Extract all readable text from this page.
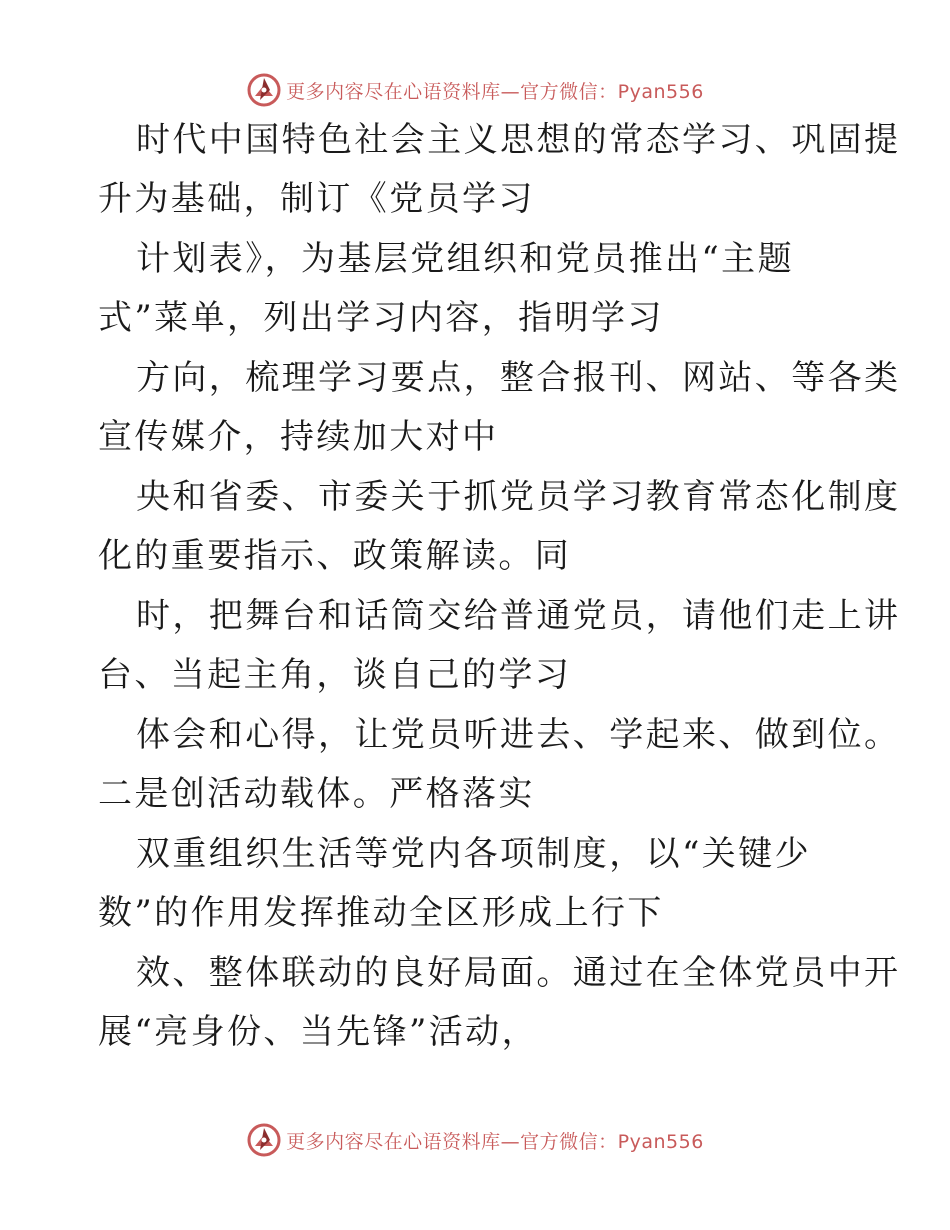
更多内容尽在心语资料库—官方微信：Pyan556
时代中国特色社会主义思想的常态学习、巩固提
升为基础，制订《党员学习
计划表》，为基层党组织和党员推出“主题
式”菜单，列出学习内容，指明学习
方向，梳理学习要点，整合报刊、网站、等各类
宣传媒介，持续加大对中
央和省委、市委关于抓党员学习教育常态化制度
化的重要指示、政策解读。同
时，把舞台和话筒交给普通党员，请他们走上讲
台、当起主角，谈自己的学习
体会和心得，让党员听进去、学起来、做到位。
二是创活动载体。严格落实
双重组织生活等党内各项制度，以“关键少
数”的作用发挥推动全区形成上行下
效、整体联动的良好局面。通过在全体党员中开
展“亮身份、当先锋”活动，
更多内容尽在心语资料库—官方微信：Pyan556
